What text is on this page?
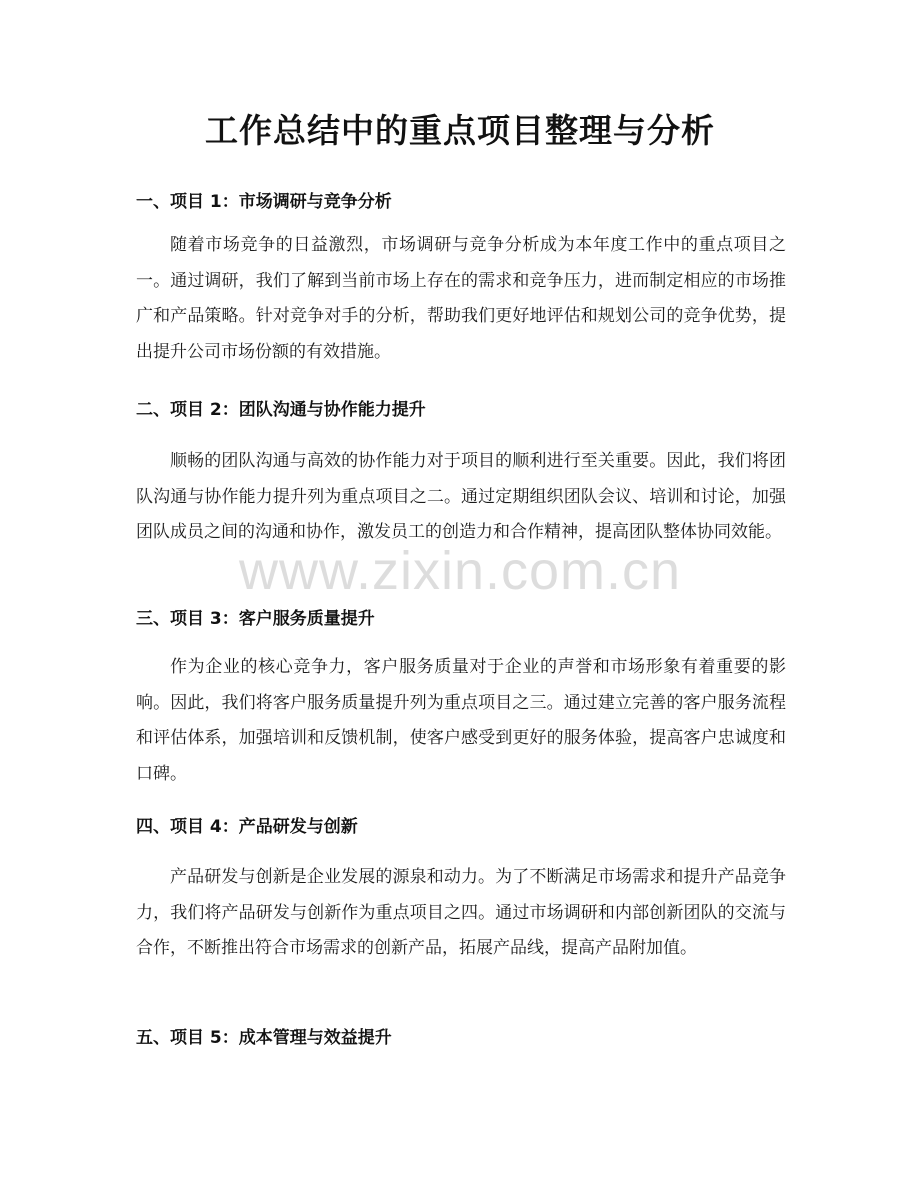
工作总结中的重点项目整理与分析
一、项目 1：市场调研与竞争分析

随着市场竞争的日益激烈，市场调研与竞争分析成为本年度工作中的重点项目之一。通过调研，我们了解到当前市场上存在的需求和竞争压力，进而制定相应的市场推广和产品策略。针对竞争对手的分析，帮助我们更好地评估和规划公司的竞争优势，提出提升公司市场份额的有效措施。

二、项目 2：团队沟通与协作能力提升

顺畅的团队沟通与高效的协作能力对于项目的顺利进行至关重要。因此，我们将团队沟通与协作能力提升列为重点项目之二。通过定期组织团队会议、培训和讨论，加强团队成员之间的沟通和协作，激发员工的创造力和合作精神，提高团队整体协同效能。

三、项目 3：客户服务质量提升

作为企业的核心竞争力，客户服务质量对于企业的声誉和市场形象有着重要的影响。因此，我们将客户服务质量提升列为重点项目之三。通过建立完善的客户服务流程和评估体系，加强培训和反馈机制，使客户感受到更好的服务体验，提高客户忠诚度和口碑。

四、项目 4：产品研发与创新

产品研发与创新是企业发展的源泉和动力。为了不断满足市场需求和提升产品竞争力，我们将产品研发与创新作为重点项目之四。通过市场调研和内部创新团队的交流与合作，不断推出符合市场需求的创新产品，拓展产品线，提高产品附加值。

五、项目 5：成本管理与效益提升
www.zixin.com.cn
